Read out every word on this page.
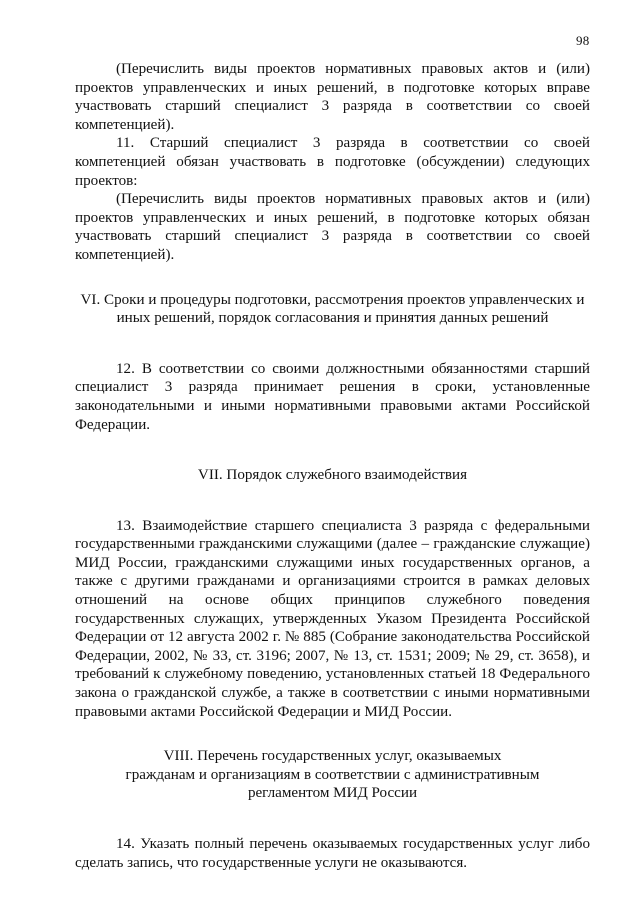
98

(Перечислить виды проектов нормативных правовых актов и (или) проектов управленческих и иных решений, в подготовке которых вправе участвовать старший специалист 3 разряда в соответствии со своей компетенцией).

11. Старший специалист 3 разряда в соответствии со своей компетенцией обязан участвовать в подготовке (обсуждении) следующих проектов:

(Перечислить виды проектов нормативных правовых актов и (или) проектов управленческих и иных решений, в подготовке которых обязан участвовать старший специалист 3 разряда в соответствии со своей компетенцией).

VI. Сроки и процедуры подготовки, рассмотрения проектов управленческих и иных решений, порядок согласования и принятия данных решений

12. В соответствии со своими должностными обязанностями старший специалист 3 разряда принимает решения в сроки, установленные законодательными и иными нормативными правовыми актами Российской Федерации.

VII. Порядок служебного взаимодействия

13. Взаимодействие старшего специалиста 3 разряда с федеральными государственными гражданскими служащими (далее – гражданские служащие) МИД России, гражданскими служащими иных государственных органов, а также с другими гражданами и организациями строится в рамках деловых отношений на основе общих принципов служебного поведения государственных служащих, утвержденных Указом Президента Российской Федерации от 12 августа 2002 г. № 885 (Собрание законодательства Российской Федерации, 2002, № 33, ст. 3196; 2007, № 13, ст. 1531; 2009; № 29, ст. 3658), и требований к служебному поведению, установленных статьей 18 Федерального закона о гражданской службе, а также в соответствии с иными нормативными правовыми актами Российской Федерации и МИД России.

VIII. Перечень государственных услуг, оказываемых
гражданам и организациям в соответствии с административным
регламентом МИД России

14. Указать полный перечень оказываемых государственных услуг либо сделать запись, что государственные услуги не оказываются.
